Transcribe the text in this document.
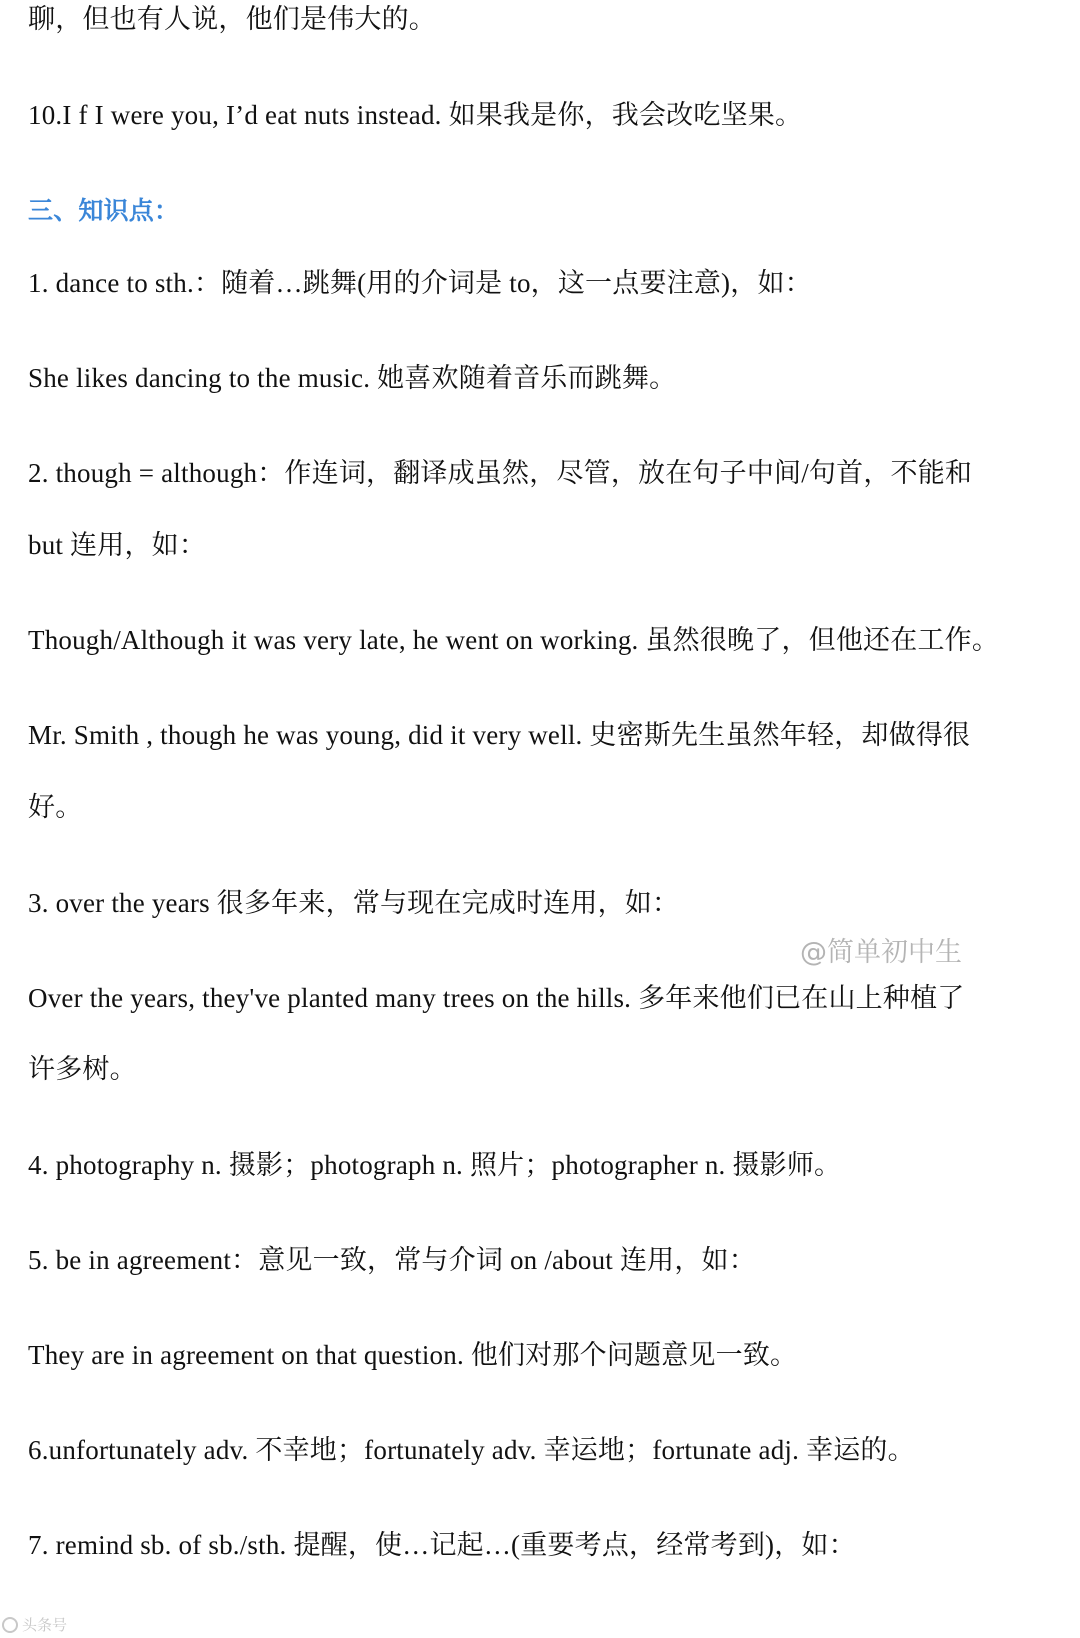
聊，但也有人说，他们是伟大的。
10.I f I were you, I’d eat nuts instead. 如果我是你，我会改吃坚果。
三、知识点：
1. dance to sth.：随着…跳舞(用的介词是 to，这一点要注意)，如：
She likes dancing to the music. 她喜欢随着音乐而跳舞。
2. though = although：作连词，翻译成虽然，尽管，放在句子中间/句首，不能和
but 连用，如：
Though/Although it was very late, he went on working. 虽然很晚了，但他还在工作。
Mr. Smith , though he was young, did it very well. 史密斯先生虽然年轻，却做得很
好。
3. over the years 很多年来，常与现在完成时连用，如：
Over the years, they've planted many trees on the hills. 多年来他们已在山上种植了
许多树。
4. photography n. 摄影；photograph n. 照片；photographer n. 摄影师。
5. be in agreement：意见一致，常与介词 on /about 连用，如：
They are in agreement on that question. 他们对那个问题意见一致。
6.unfortunately adv. 不幸地；fortunately adv. 幸运地；fortunate adj. 幸运的。
7. remind sb. of sb./sth. 提醒，使…记起…(重要考点，经常考到)，如：
@简单初中生
头条号
